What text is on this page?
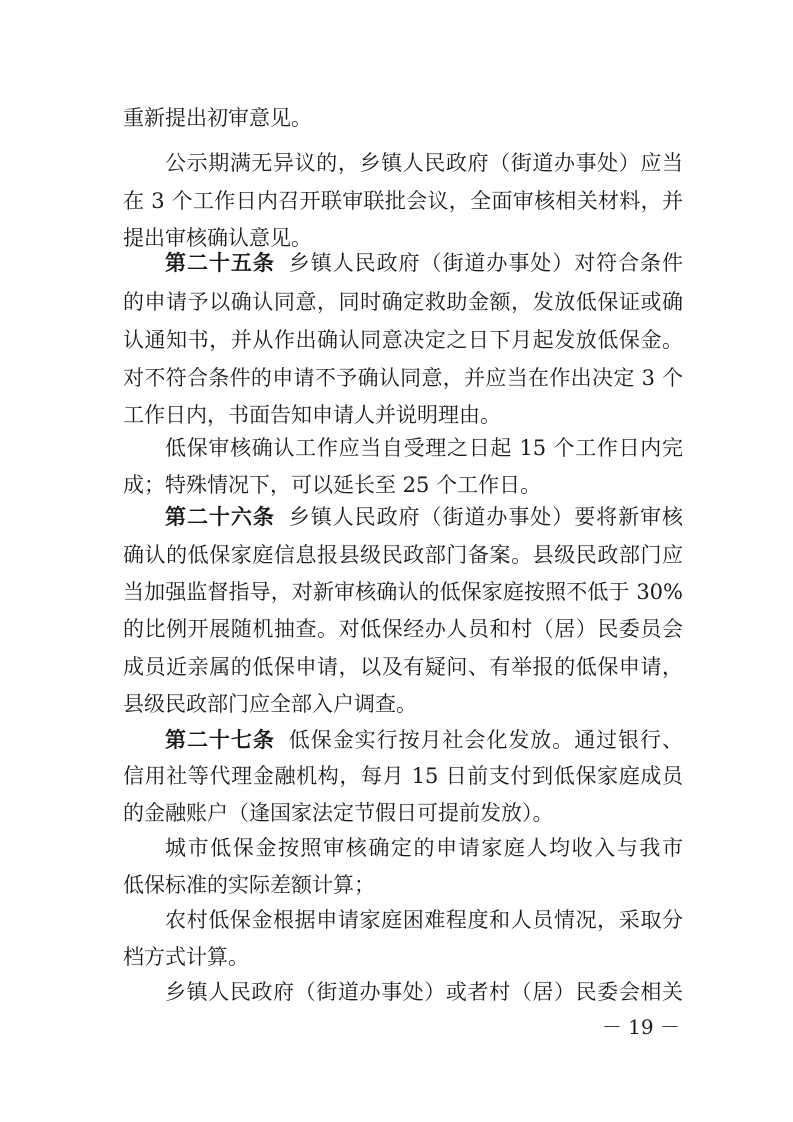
重新提出初审意见。
公示期满无异议的，乡镇人民政府（街道办事处）应当
在 3 个工作日内召开联审联批会议，全面审核相关材料，并
提出审核确认意见。
第二十五条 乡镇人民政府（街道办事处）对符合条件
的申请予以确认同意，同时确定救助金额，发放低保证或确
认通知书，并从作出确认同意决定之日下月起发放低保金。
对不符合条件的申请不予确认同意，并应当在作出决定 3 个
工作日内，书面告知申请人并说明理由。
低保审核确认工作应当自受理之日起 15 个工作日内完
成；特殊情况下，可以延长至 25 个工作日。
第二十六条 乡镇人民政府（街道办事处）要将新审核
确认的低保家庭信息报县级民政部门备案。县级民政部门应
当加强监督指导，对新审核确认的低保家庭按照不低于 30%
的比例开展随机抽查。对低保经办人员和村（居）民委员会
成员近亲属的低保申请，以及有疑问、有举报的低保申请，
县级民政部门应全部入户调查。
第二十七条 低保金实行按月社会化发放。通过银行、
信用社等代理金融机构，每月 15 日前支付到低保家庭成员
的金融账户（逢国家法定节假日可提前发放）。
城市低保金按照审核确定的申请家庭人均收入与我市
低保标准的实际差额计算；
农村低保金根据申请家庭困难程度和人员情况，采取分
档方式计算。
乡镇人民政府（街道办事处）或者村（居）民委会相关
－ 19 －
